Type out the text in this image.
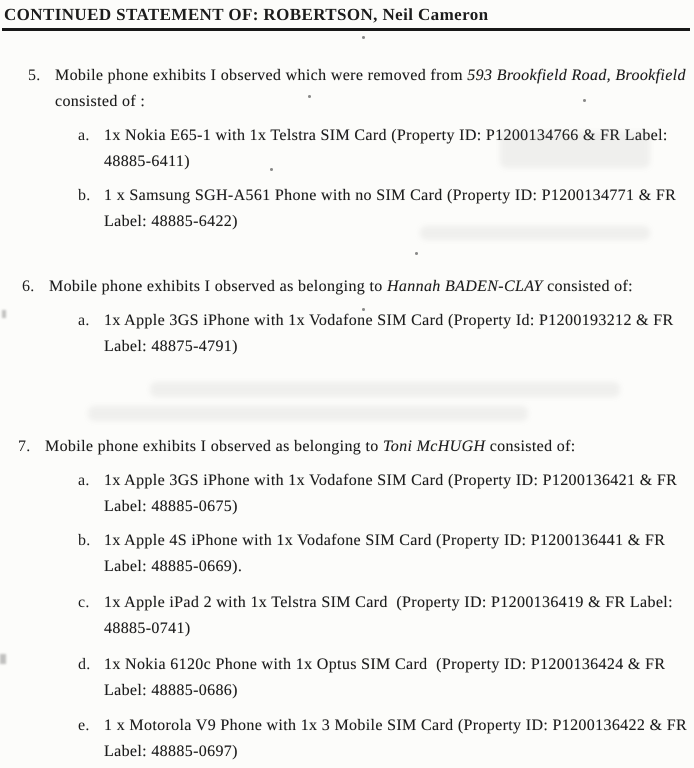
CONTINUED STATEMENT OF: ROBERTSON, Neil Cameron
5. Mobile phone exhibits I observed which were removed from 593 Brookfield Road, Brookfield
consisted of :
a. 1x Nokia E65-1 with 1x Telstra SIM Card (Property ID: P1200134766 & FR Label:
48885-6411)
b. 1 x Samsung SGH-A561 Phone with no SIM Card (Property ID: P1200134771 & FR
Label: 48885-6422)
6. Mobile phone exhibits I observed as belonging to Hannah BADEN-CLAY consisted of:
a. 1x Apple 3GS iPhone with 1x Vodafone SIM Card (Property Id: P1200193212 & FR
Label: 48875-4791)
7. Mobile phone exhibits I observed as belonging to Toni McHUGH consisted of:
a. 1x Apple 3GS iPhone with 1x Vodafone SIM Card (Property ID: P1200136421 & FR
Label: 48885-0675)
b. 1x Apple 4S iPhone with 1x Vodafone SIM Card (Property ID: P1200136441 & FR
Label: 48885-0669).
c. 1x Apple iPad 2 with 1x Telstra SIM Card  (Property ID: P1200136419 & FR Label:
48885-0741)
d. 1x Nokia 6120c Phone with 1x Optus SIM Card  (Property ID: P1200136424 & FR
Label: 48885-0686)
e. 1 x Motorola V9 Phone with 1x 3 Mobile SIM Card (Property ID: P1200136422 & FR
Label: 48885-0697)
